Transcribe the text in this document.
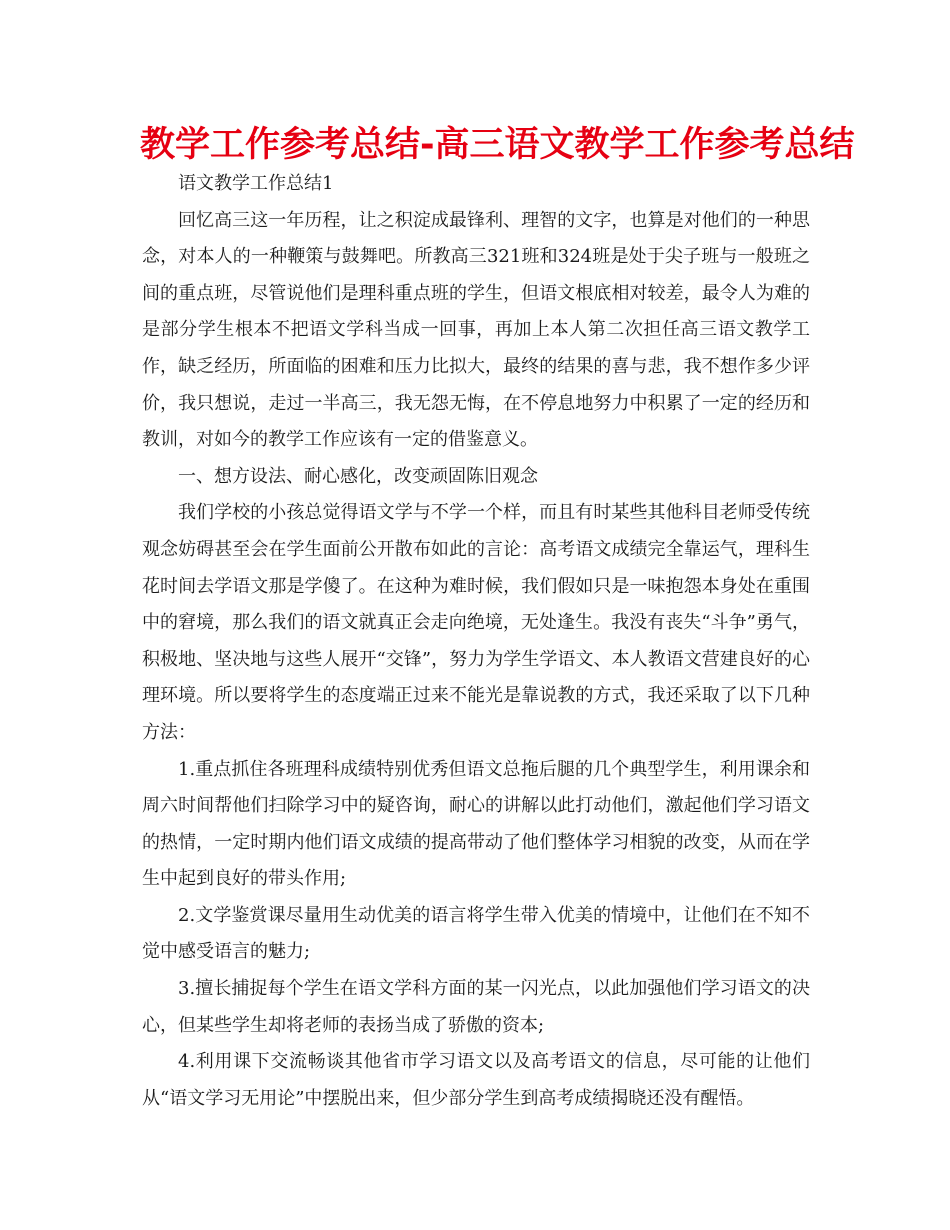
教学工作参考总结-高三语文教学工作参考总结

语文教学工作总结1

回忆高三这一年历程，让之积淀成最锋利、理智的文字，也算是对他们的一种思念，对本人的一种鞭策与鼓舞吧。所教高三321班和324班是处于尖子班与一般班之间的重点班，尽管说他们是理科重点班的学生，但语文根底相对较差，最令人为难的是部分学生根本不把语文学科当成一回事，再加上本人第二次担任高三语文教学工作，缺乏经历，所面临的困难和压力比拟大，最终的结果的喜与悲，我不想作多少评价，我只想说，走过一半高三，我无怨无悔，在不停息地努力中积累了一定的经历和教训，对如今的教学工作应该有一定的借鉴意义。

一、想方设法、耐心感化，改变顽固陈旧观念

我们学校的小孩总觉得语文学与不学一个样，而且有时某些其他科目老师受传统观念妨碍甚至会在学生面前公开散布如此的言论：高考语文成绩完全靠运气，理科生花时间去学语文那是学傻了。在这种为难时候，我们假如只是一味抱怨本身处在重围中的窘境，那么我们的语文就真正会走向绝境，无处逢生。我没有丧失“斗争”勇气，积极地、坚决地与这些人展开“交锋”，努力为学生学语文、本人教语文营建良好的心理环境。所以要将学生的态度端正过来不能光是靠说教的方式，我还采取了以下几种方法：

1.重点抓住各班理科成绩特别优秀但语文总拖后腿的几个典型学生，利用课余和周六时间帮他们扫除学习中的疑咨询，耐心的讲解以此打动他们，激起他们学习语文的热情，一定时期内他们语文成绩的提高带动了他们整体学习相貌的改变，从而在学生中起到良好的带头作用;

2.文学鉴赏课尽量用生动优美的语言将学生带入优美的情境中，让他们在不知不觉中感受语言的魅力;

3.擅长捕捉每个学生在语文学科方面的某一闪光点，以此加强他们学习语文的决心，但某些学生却将老师的表扬当成了骄傲的资本;

4.利用课下交流畅谈其他省市学习语文以及高考语文的信息，尽可能的让他们从“语文学习无用论”中摆脱出来，但少部分学生到高考成绩揭晓还没有醒悟。
